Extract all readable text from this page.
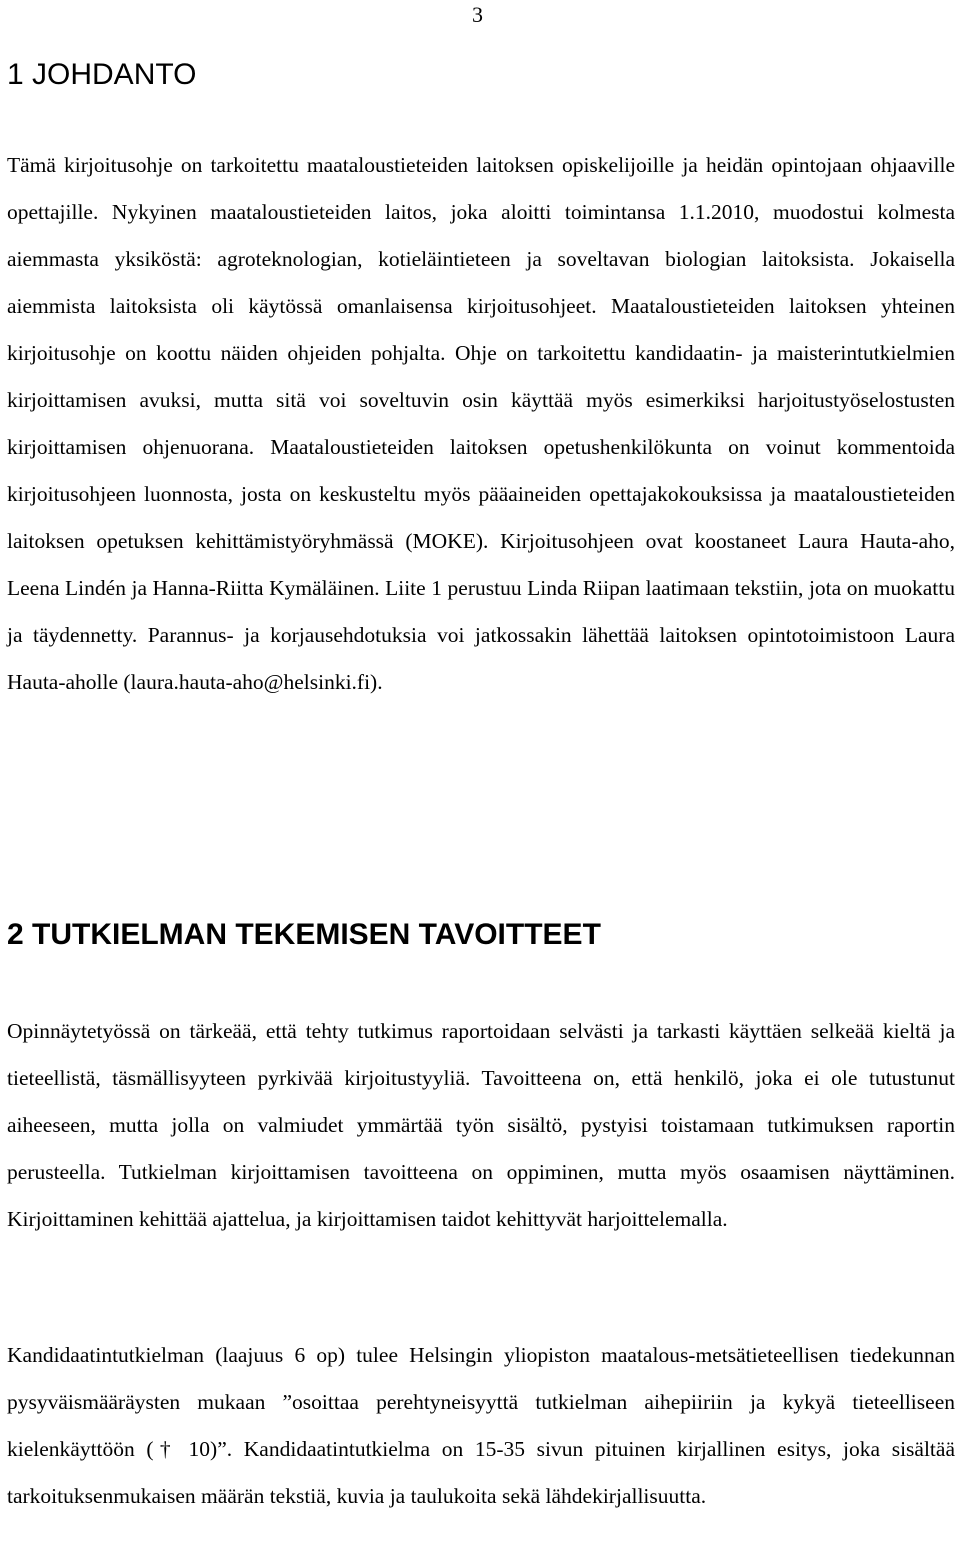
3
1 JOHDANTO

Tämä kirjoitusohje on tarkoitettu maataloustieteiden laitoksen opiskelijoille ja heidän opintojaan ohjaaville opettajille. Nykyinen maataloustieteiden laitos, joka aloitti toimintansa 1.1.2010, muodostui kolmesta aiemmasta yksiköstä: agroteknologian, kotieläintieteen ja soveltavan biologian laitoksista. Jokaisella aiemmista laitoksista oli käytössä omanlaisensa kirjoitusohjeet. Maataloustieteiden laitoksen yhteinen kirjoitusohje on koottu näiden ohjeiden pohjalta. Ohje on tarkoitettu kandidaatin- ja maisterintutkielmien kirjoittamisen avuksi, mutta sitä voi soveltuvin osin käyttää myös esimerkiksi harjoitustyöselostusten kirjoittamisen ohjenuorana. Maataloustieteiden laitoksen opetushenkilökunta on voinut kommentoida kirjoitusohjeen luonnosta, josta on keskusteltu myös pääaineiden opettajakokouksissa ja maataloustieteiden laitoksen opetuksen kehittämistyöryhmässä (MOKE). Kirjoitusohjeen ovat koostaneet Laura Hauta-aho, Leena Lindén ja Hanna-Riitta Kymäläinen. Liite 1 perustuu Linda Riipan laatimaan tekstiin, jota on muokattu ja täydennetty. Parannus- ja korjausehdotuksia voi jatkossakin lähettää laitoksen opintotoimistoon Laura Hauta-aholle (laura.hauta-aho@helsinki.fi).

2 TUTKIELMAN TEKEMISEN TAVOITTEET

Opinnäytetyössä on tärkeää, että tehty tutkimus raportoidaan selvästi ja tarkasti käyttäen selkeää kieltä ja tieteellistä, täsmällisyyteen pyrkivää kirjoitustyyliä. Tavoitteena on, että henkilö, joka ei ole tutustunut aiheeseen, mutta jolla on valmiudet ymmärtää työn sisältö, pystyisi toistamaan tutkimuksen raportin perusteella. Tutkielman kirjoittamisen tavoitteena on oppiminen, mutta myös osaamisen näyttäminen. Kirjoittaminen kehittää ajattelua, ja kirjoittamisen taidot kehittyvät harjoittelemalla.

Kandidaatintutkielman (laajuus 6 op) tulee Helsingin yliopiston maatalous-metsätieteellisen tiedekunnan pysyväismääräysten mukaan ”osoittaa perehtyneisyyttä tutkielman aihepiiriin ja kykyä tieteelliseen kielenkäyttöön († 10)”. Kandidaatintutkielma on 15-35 sivun pituinen kirjallinen esitys, joka sisältää tarkoituksenmukaisen määrän tekstiä, kuvia ja taulukoita sekä lähdekirjallisuutta.
